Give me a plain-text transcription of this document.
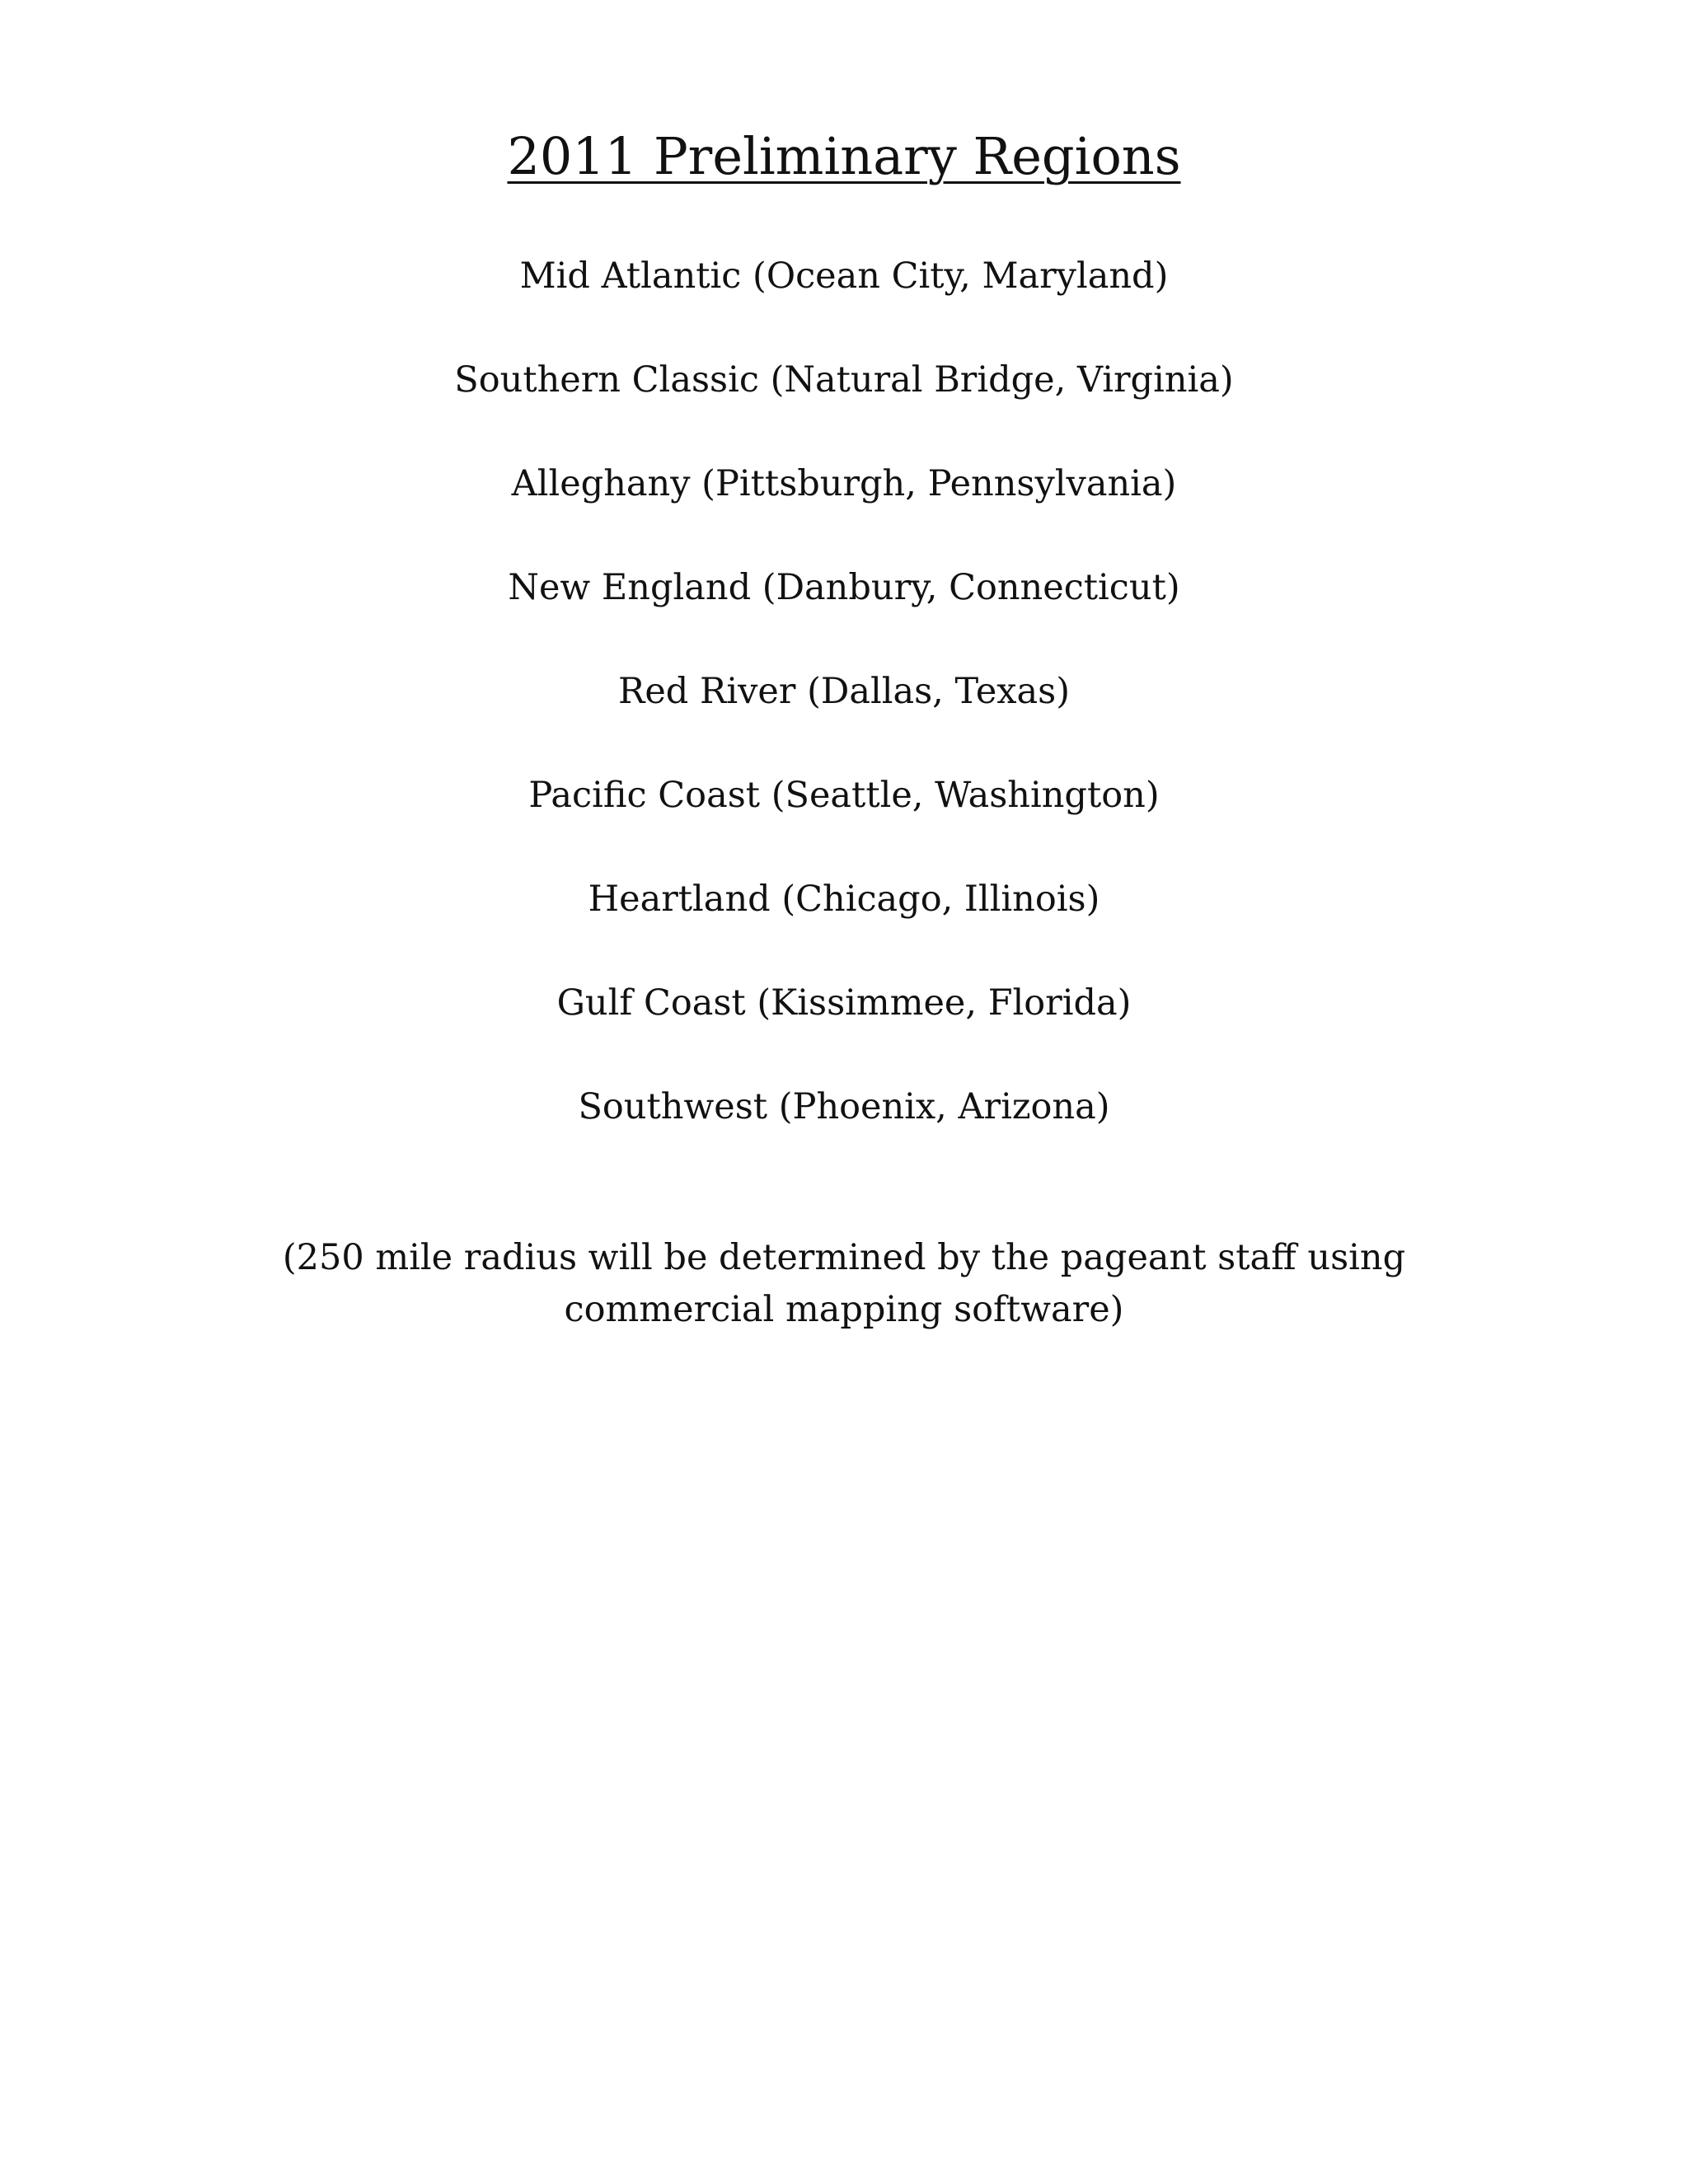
2011 Preliminary Regions
Mid Atlantic (Ocean City, Maryland)
Southern Classic (Natural Bridge, Virginia)
Alleghany (Pittsburgh, Pennsylvania)
New England (Danbury, Connecticut)
Red River (Dallas, Texas)
Pacific Coast (Seattle, Washington)
Heartland (Chicago, Illinois)
Gulf Coast (Kissimmee, Florida)
Southwest (Phoenix, Arizona)

(250 mile radius will be determined by the pageant staff using commercial mapping software)
